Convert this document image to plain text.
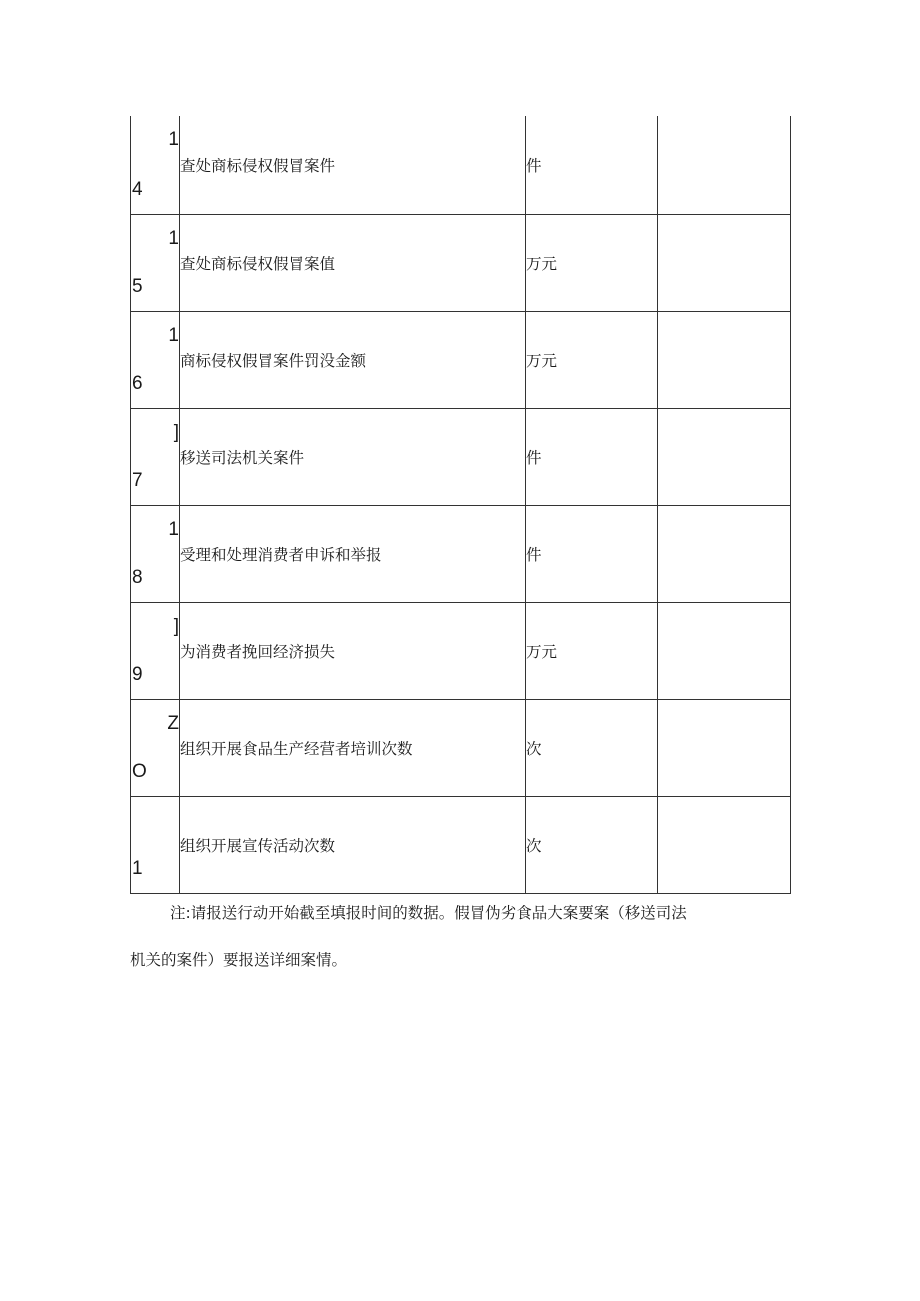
1
4	查处商标侵权假冒案件	件	

1
5	查处商标侵权假冒案值	万元	

1
6	商标侵权假冒案件罚没金额	万元	

]
7	移送司法机关案件	件	

1
8	受理和处理消费者申诉和举报	件	

]
9	为消费者挽回经济损失	万元	

Z
O	组织开展食品生产经营者培训次数	次	

1	组织开展宣传活动次数	次	
注:请报送行动开始截至填报时间的数据。假冒伪劣食品大案要案（移送司法
机关的案件）要报送详细案情。
